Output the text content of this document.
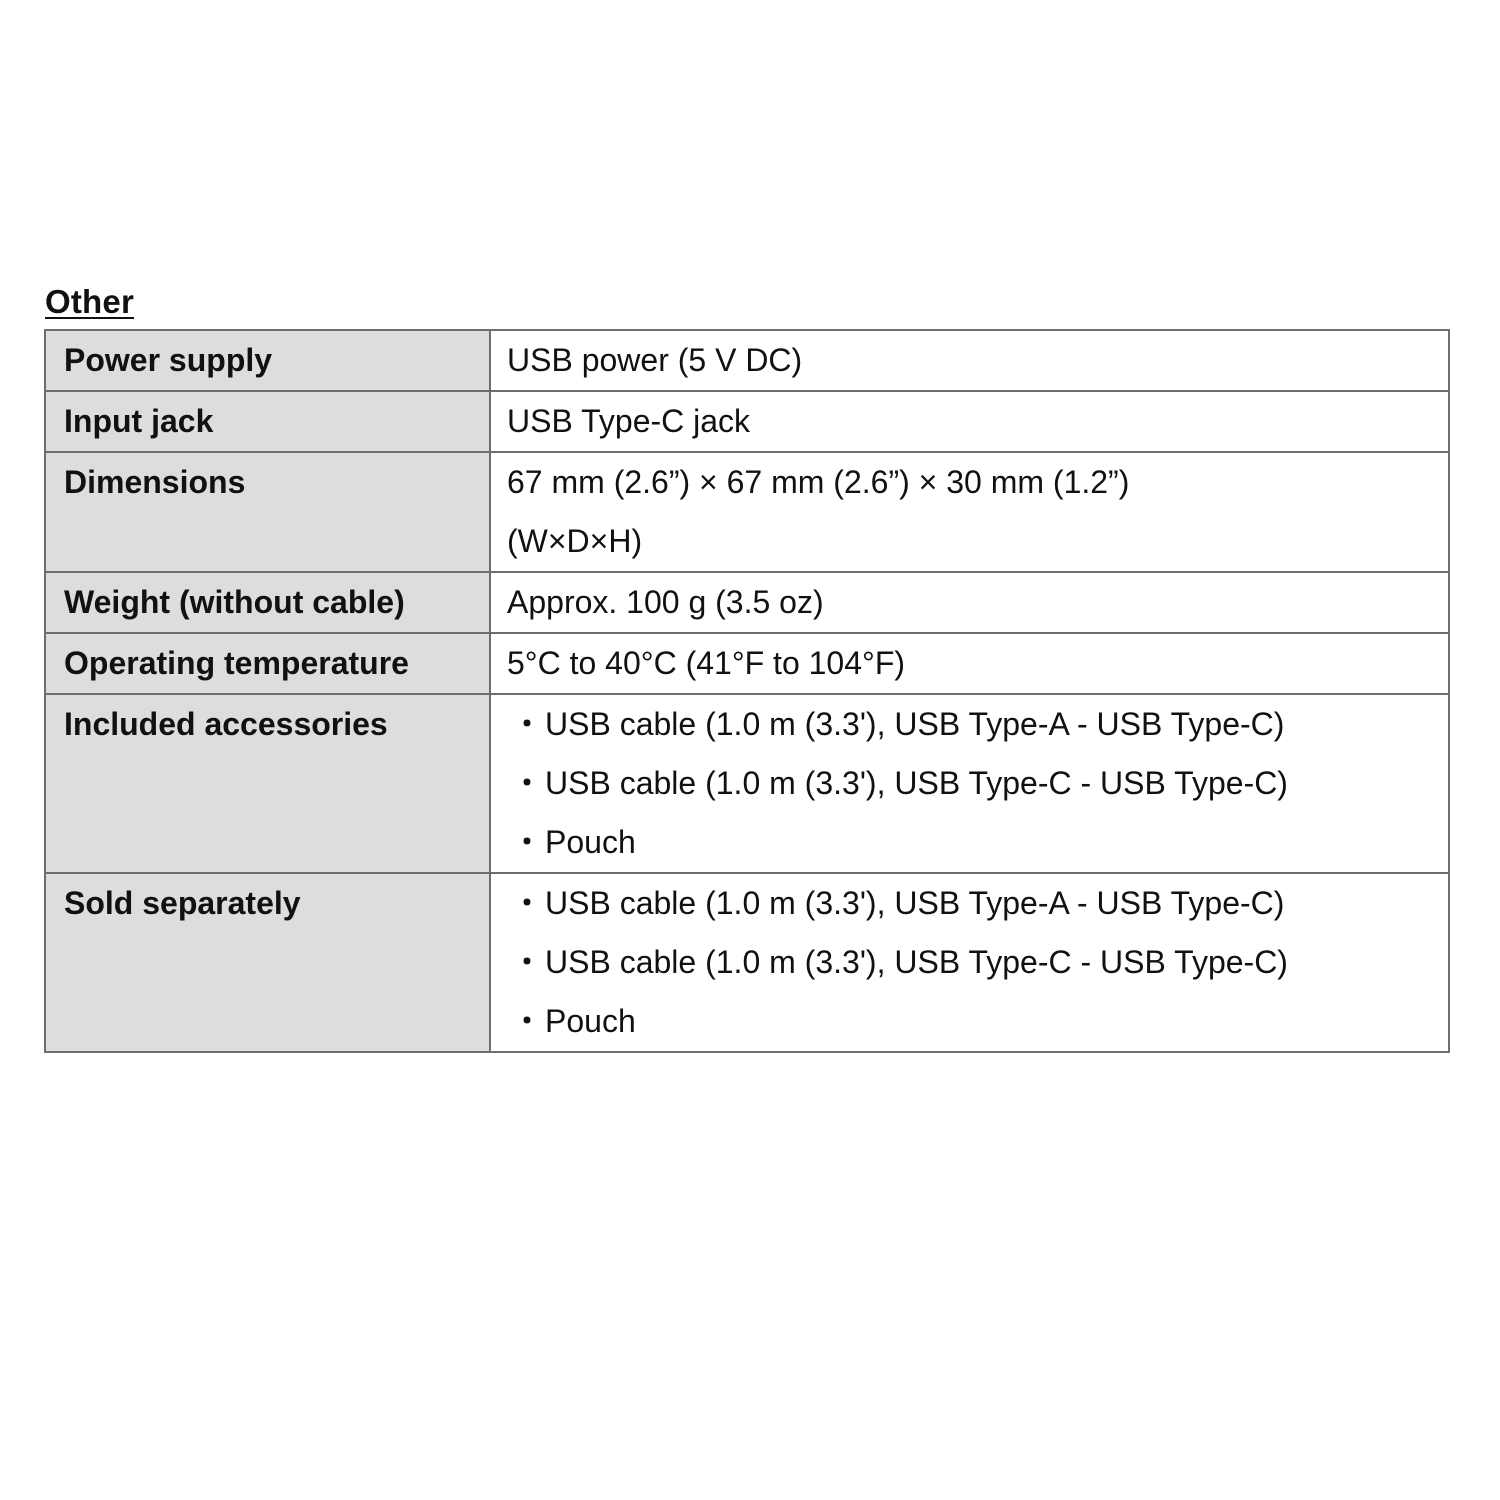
Other
Power supply	USB power (5 V DC)

Input jack	USB Type-C jack

Dimensions	67 mm (2.6”) × 67 mm (2.6”) × 30 mm (1.2”)
(W×D×H)

Weight (without cable)	Approx. 100 g (3.5 oz)

Operating temperature	5°C to 40°C (41°F to 104°F)

Included accessories	・USB cable (1.0 m (3.3'), USB Type-A - USB Type-C)
・USB cable (1.0 m (3.3'), USB Type-C - USB Type-C)
・Pouch

Sold separately	・USB cable (1.0 m (3.3'), USB Type-A - USB Type-C)
・USB cable (1.0 m (3.3'), USB Type-C - USB Type-C)
・Pouch
